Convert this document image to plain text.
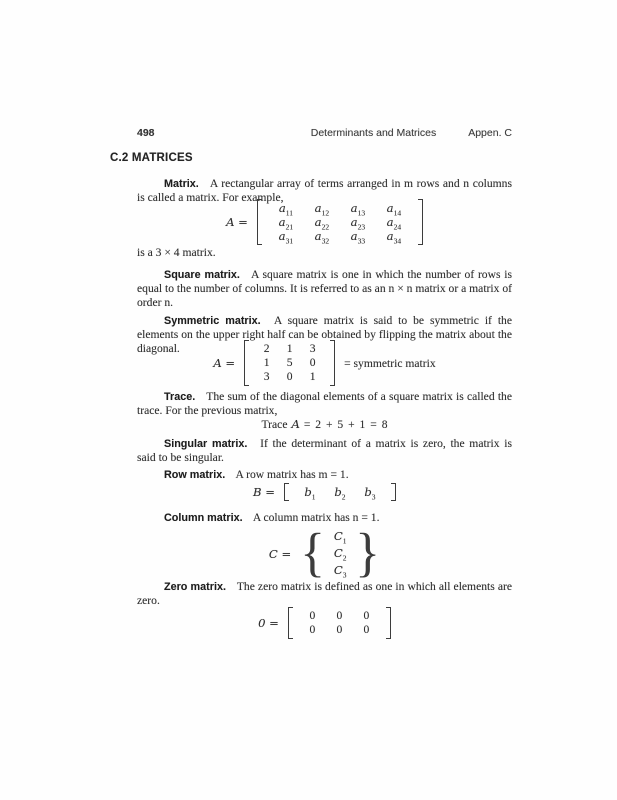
498	Determinants and Matrices	Appen. C
C.2 MATRICES

Matrix. A rectangular array of terms arranged in m rows and n columns is called a matrix. For example,

A =
$a_{11}$	$a_{12}$	$a_{13}$	$a_{14}$
$a_{21}$	$a_{22}$	$a_{23}$	$a_{24}$
$a_{31}$	$a_{32}$	$a_{33}$	$a_{34}$

is a 3 × 4 matrix.

Square matrix. A square matrix is one in which the number of rows is equal to the number of columns. It is referred to as an n × n matrix or a matrix of order n.

Symmetric matrix. A square matrix is said to be symmetric if the elements on the upper right half can be obtained by flipping the matrix about the diagonal.

A =
2	1	3
1	5	0
3	0	1
= symmetric matrix

Trace. The sum of the diagonal elements of a square matrix is called the trace. For the previous matrix,

Trace A = 2 + 5 + 1 = 8

Singular matrix. If the determinant of a matrix is zero, the matrix is said to be singular.

Row matrix. A row matrix has m = 1.

B =	$b_1$	$b_2$	$b_3$

Column matrix. A column matrix has n = 1.

C = { $C_1$
$C_2$
$C_3$ }

Zero matrix. The zero matrix is defined as one in which all elements are zero.

0 =
0	0	0
0	0	0
